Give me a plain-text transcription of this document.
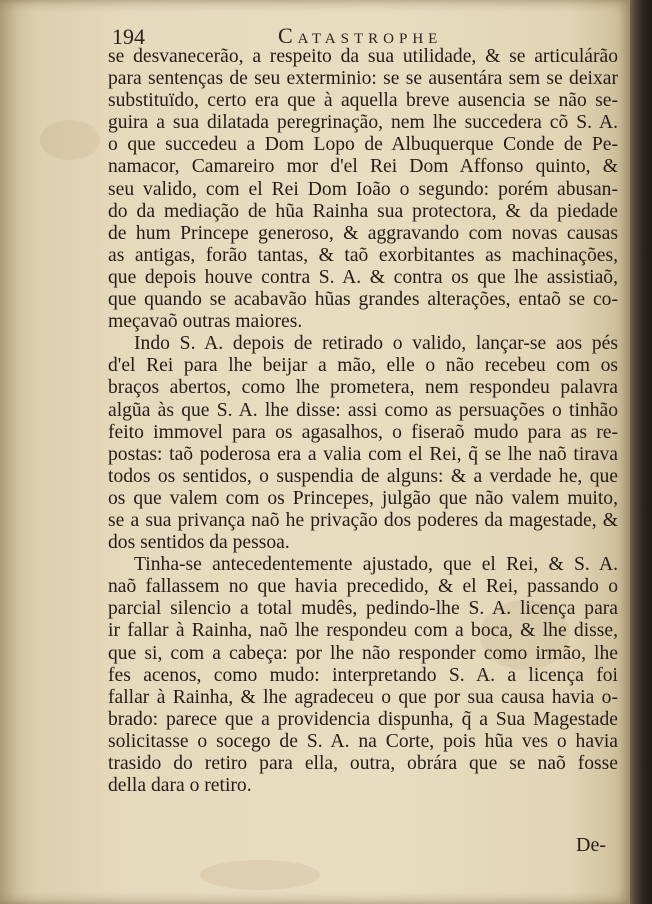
194	Catastrophe
se desvanecerão, a respeito da sua utilidade, & se articulárão
para sentenças de seu exterminio: se se ausentára sem se deixar
substituïdo, certo era que à aquella breve ausencia se não se-
guira a sua dilatada peregrinação, nem lhe succedera cõ S. A.
o que succedeu a Dom Lopo de Albuquerque Conde de Pe-
namacor, Camareiro mor d'el Rei Dom Affonso quinto, &
seu valido, com el Rei Dom Ioão o segundo: porém abusan-
do da mediação de hũa Rainha sua protectora, & da piedade
de hum Princepe generoso, & aggravando com novas causas
as antigas, forão tantas, & taõ exorbitantes as machinações,
que depois houve contra S. A. & contra os que lhe assistiaõ,
que quando se acabavão hũas grandes alterações, entaõ se co-
meçavaõ outras maiores.
Indo S. A. depois de retirado o valido, lançar-se aos pés
d'el Rei para lhe beijar a mão, elle o não recebeu com os
braços abertos, como lhe prometera, nem respondeu palavra
algũa às que S. A. lhe disse: assi como as persuações o tinhão
feito immovel para os agasalhos, o fiseraõ mudo para as re-
postas: taõ poderosa era a valia com el Rei, q̃ se lhe naõ tirava
todos os sentidos, o suspendia de alguns: & a verdade he, que
os que valem com os Princepes, julgão que não valem muito,
se a sua privança naõ he privação dos poderes da magestade, &
dos sentidos da pessoa.
Tinha-se antecedentemente ajustado, que el Rei, & S. A.
naõ fallassem no que havia precedido, & el Rei, passando o
parcial silencio a total mudês, pedindo-lhe S. A. licença para
ir fallar à Rainha, naõ lhe respondeu com a boca, & lhe disse,
que si, com a cabeça: por lhe não responder como irmão, lhe
fes acenos, como mudo: interpretando S. A. a licença foi
fallar à Rainha, & lhe agradeceu o que por sua causa havia o-
brado: parece que a providencia dispunha, q̃ a Sua Magestade
solicitasse o socego de S. A. na Corte, pois hũa ves o havia
trasido do retiro para ella, outra, obrára que se naõ fosse
della dara o retiro.
De-
